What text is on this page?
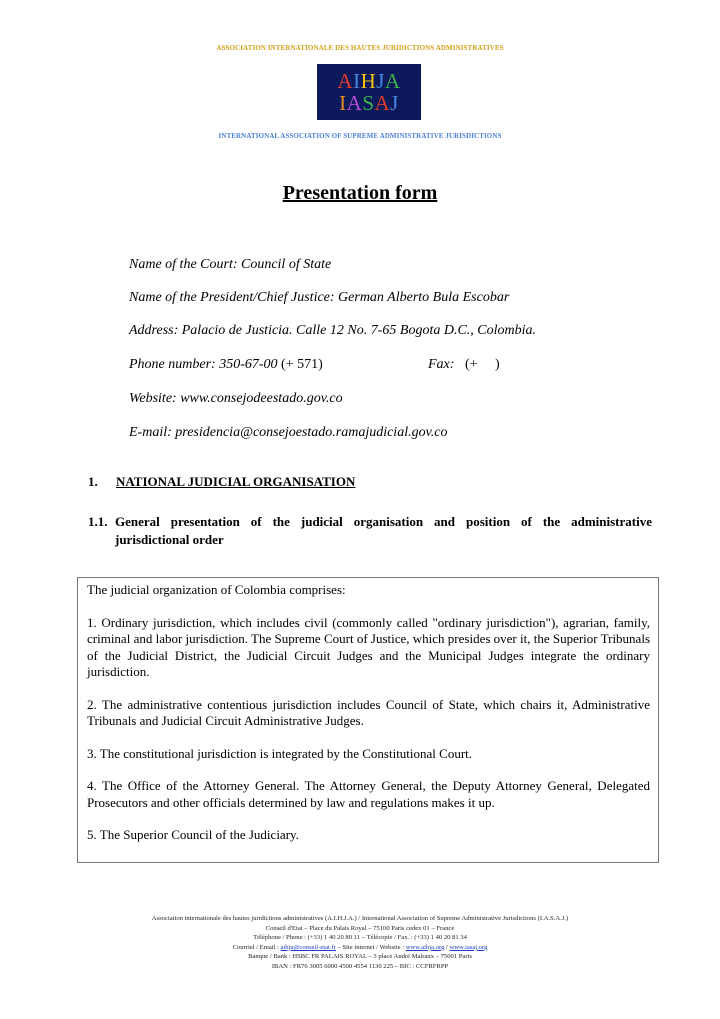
ASSOCIATION INTERNATIONALE DES HAUTES JURIDICTIONS ADMINISTRATIVES
AIHJA
IASAJ
INTERNATIONAL ASSOCIATION OF SUPREME ADMINISTRATIVE JURISDICTIONS
Presentation form
Name of the Court: Council of State
Name of the President/Chief Justice: German Alberto Bula Escobar
Address: Palacio de Justicia. Calle 12 No. 7-65 Bogota D.C., Colombia.
Phone number: 350-67-00 (+ 571)	Fax: (+     )
Website: www.consejodeestado.gov.co
E-mail: presidencia@consejoestado.ramajudicial.gov.co
1. NATIONAL JUDICIAL ORGANISATION
1.1. General presentation of the judicial organisation and position of the administrative jurisdictional order

The judicial organization of Colombia comprises:

1. Ordinary jurisdiction, which includes civil (commonly called "ordinary jurisdiction"), agrarian, family, criminal and labor jurisdiction. The Supreme Court of Justice, which presides over it, the Superior Tribunals of the Judicial District, the Judicial Circuit Judges and the Municipal Judges integrate the ordinary jurisdiction.

2. The administrative contentious jurisdiction includes Council of State, which chairs it, Administrative Tribunals and Judicial Circuit Administrative Judges.

3. The constitutional jurisdiction is integrated by the Constitutional Court.

4. The Office of the Attorney General. The Attorney General, the Deputy Attorney General, Delegated Prosecutors and other officials determined by law and regulations makes it up.

5. The Superior Council of the Judiciary.

Association internationale des hautes juridictions administratives (A.I.H.J.A.) / International Association of Supreme Administrative Jurisdictions (I.A.S.A.J.)
Conseil d'Etat – Place du Palais Royal – 75100 Paris cedex 01 – France
Téléphone / Phone : (+33) 1 40 20 80 11 – Télécopie / Fax. : (+33) 1 40 20 81 34
Courriel / Email : aihja@conseil-etat.fr – Site internet / Website : www.aihja.org / www.iasaj.org
Banque / Bank : HSBC FR PALAIS ROYAL – 3 place André Malraux – 75001 Paris
IBAN : FR76 3005 6000 4500 4554 1130 225 – BIC : CCFRFRPP
